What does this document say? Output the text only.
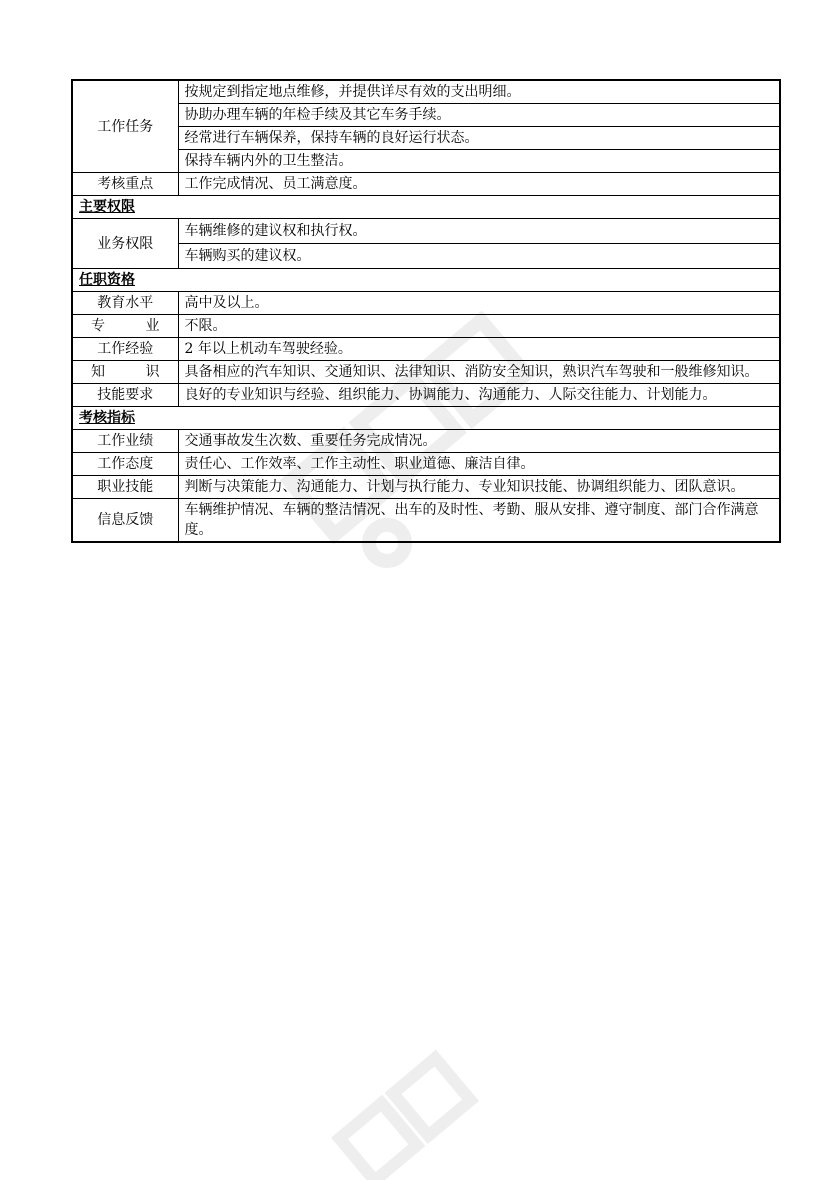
工作任务	按规定到指定地点维修，并提供详尽有效的支出明细。
	协助办理车辆的年检手续及其它车务手续。
	经常进行车辆保养，保持车辆的良好运行状态。
	保持车辆内外的卫生整洁。
考核重点	工作完成情况、员工满意度。
主要权限	
业务权限	车辆维修的建议权和执行权。
	车辆购买的建议权。
任职资格	
教育水平	高中及以上。

专 业	不限。
工作经验	2 年以上机动车驾驶经验。

知 识	具备相应的汽车知识、交通知识、法律知识、消防安全知识，熟识汽车驾驶和一般维修知识。
技能要求	良好的专业知识与经验、组织能力、协调能力、沟通能力、人际交往能力、计划能力。
考核指标	
工作业绩	交通事故发生次数、重要任务完成情况。
工作态度	责任心、工作效率、工作主动性、职业道德、廉洁自律。
职业技能	判断与决策能力、沟通能力、计划与执行能力、专业知识技能、协调组织能力、团队意识。
信息反馈	车辆维护情况、车辆的整洁情况、出车的及时性、考勤、服从安排、遵守制度、部门合作满意度。
